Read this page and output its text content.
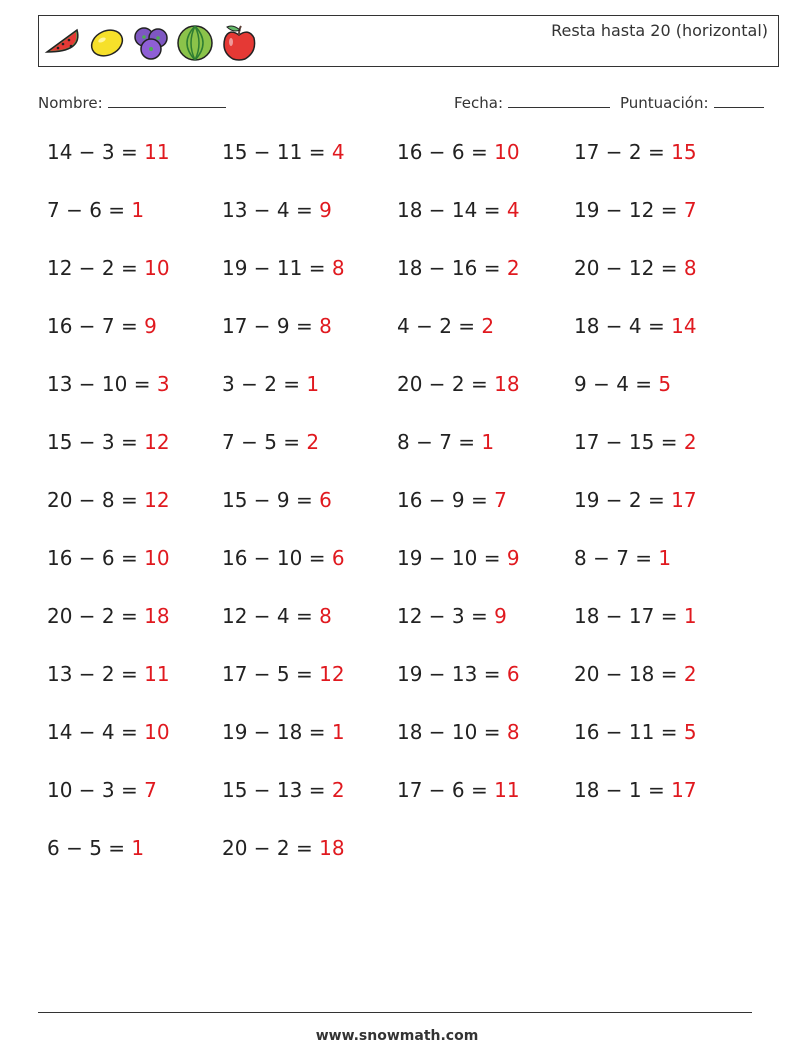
Resta hasta 20 (horizontal)
Nombre:	Fecha:	Puntuación:
14 − 3 = 11	15 − 11 = 4	16 − 6 = 10	17 − 2 = 15
7 − 6 = 1	13 − 4 = 9	18 − 14 = 4	19 − 12 = 7
12 − 2 = 10	19 − 11 = 8	18 − 16 = 2	20 − 12 = 8
16 − 7 = 9	17 − 9 = 8	4 − 2 = 2	18 − 4 = 14
13 − 10 = 3	3 − 2 = 1	20 − 2 = 18	9 − 4 = 5
15 − 3 = 12	7 − 5 = 2	8 − 7 = 1	17 − 15 = 2
20 − 8 = 12	15 − 9 = 6	16 − 9 = 7	19 − 2 = 17
16 − 6 = 10	16 − 10 = 6	19 − 10 = 9	8 − 7 = 1
20 − 2 = 18	12 − 4 = 8	12 − 3 = 9	18 − 17 = 1
13 − 2 = 11	17 − 5 = 12	19 − 13 = 6	20 − 18 = 2
14 − 4 = 10	19 − 18 = 1	18 − 10 = 8	16 − 11 = 5
10 − 3 = 7	15 − 13 = 2	17 − 6 = 11	18 − 1 = 17
6 − 5 = 1	20 − 2 = 18
www.snowmath.com
